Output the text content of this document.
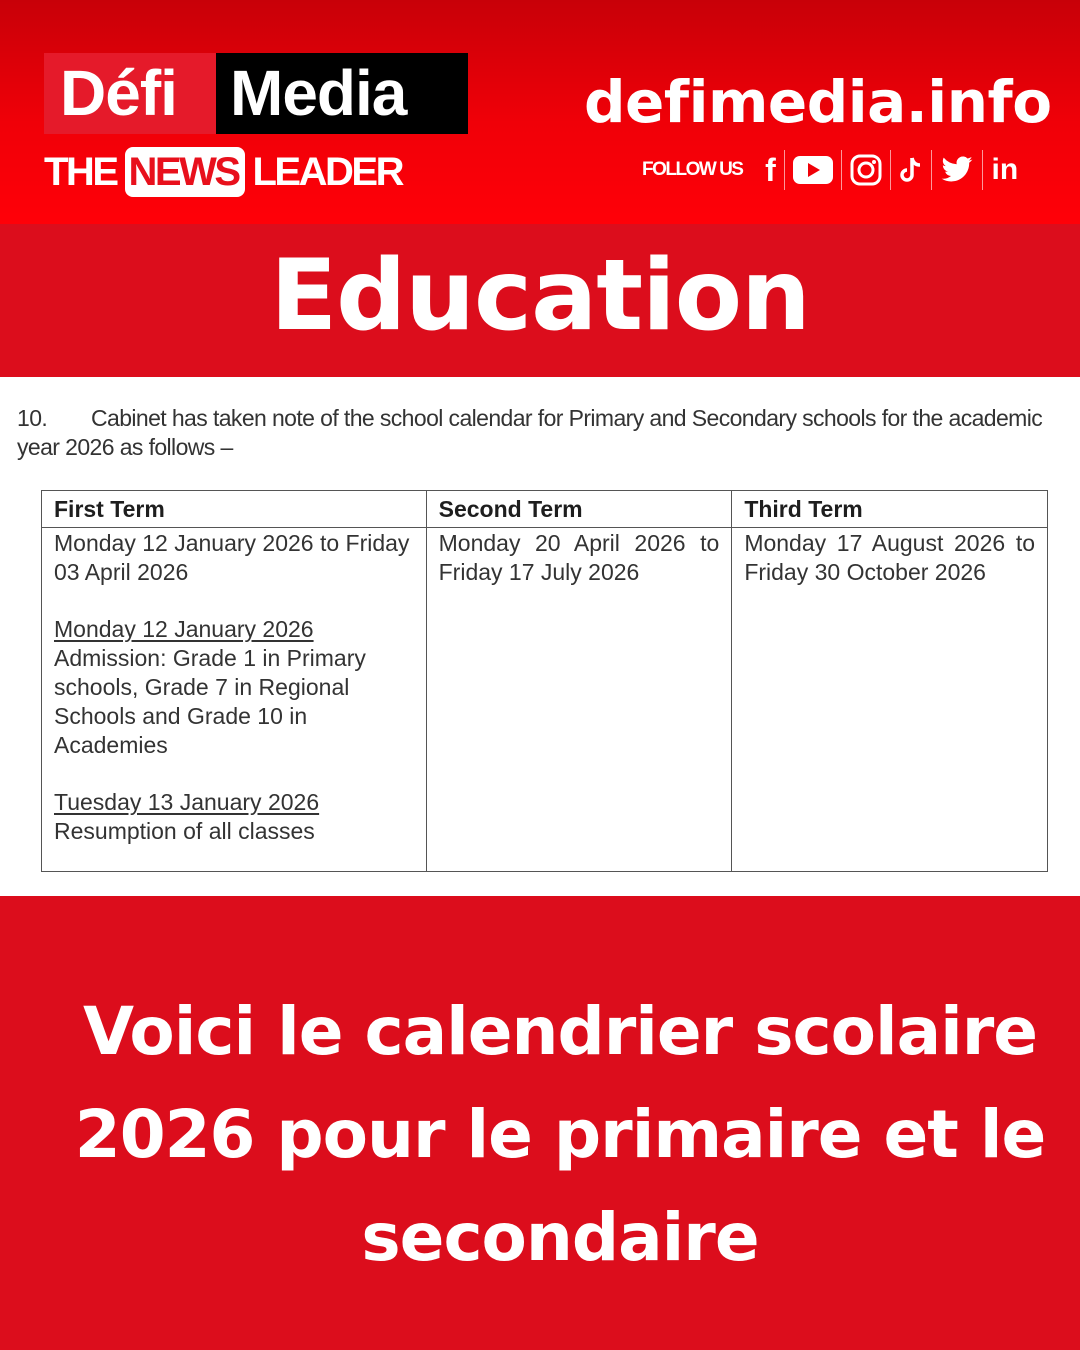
Défi Media
THE NEWS LEADER
defimedia.info
FOLLOW US f	in
Education
10. Cabinet has taken note of the school calendar for Primary and Secondary schools for the academic year 2026 as follows –
First Term	Second Term	Third Term

Monday 12 January 2026 to Friday 03 April 2026
Monday 12 January 2026
Admission: Grade 1 in Primary schools, Grade 7 in Regional Schools and Grade 10 in Academies
Tuesday 13 January 2026
Resumption of all classes	Monday 20 April 2026 to Friday 17 July 2026	Monday 17 August 2026 to Friday 30 October 2026
Voici le calendrier scolaire 2026 pour le primaire et le secondaire
